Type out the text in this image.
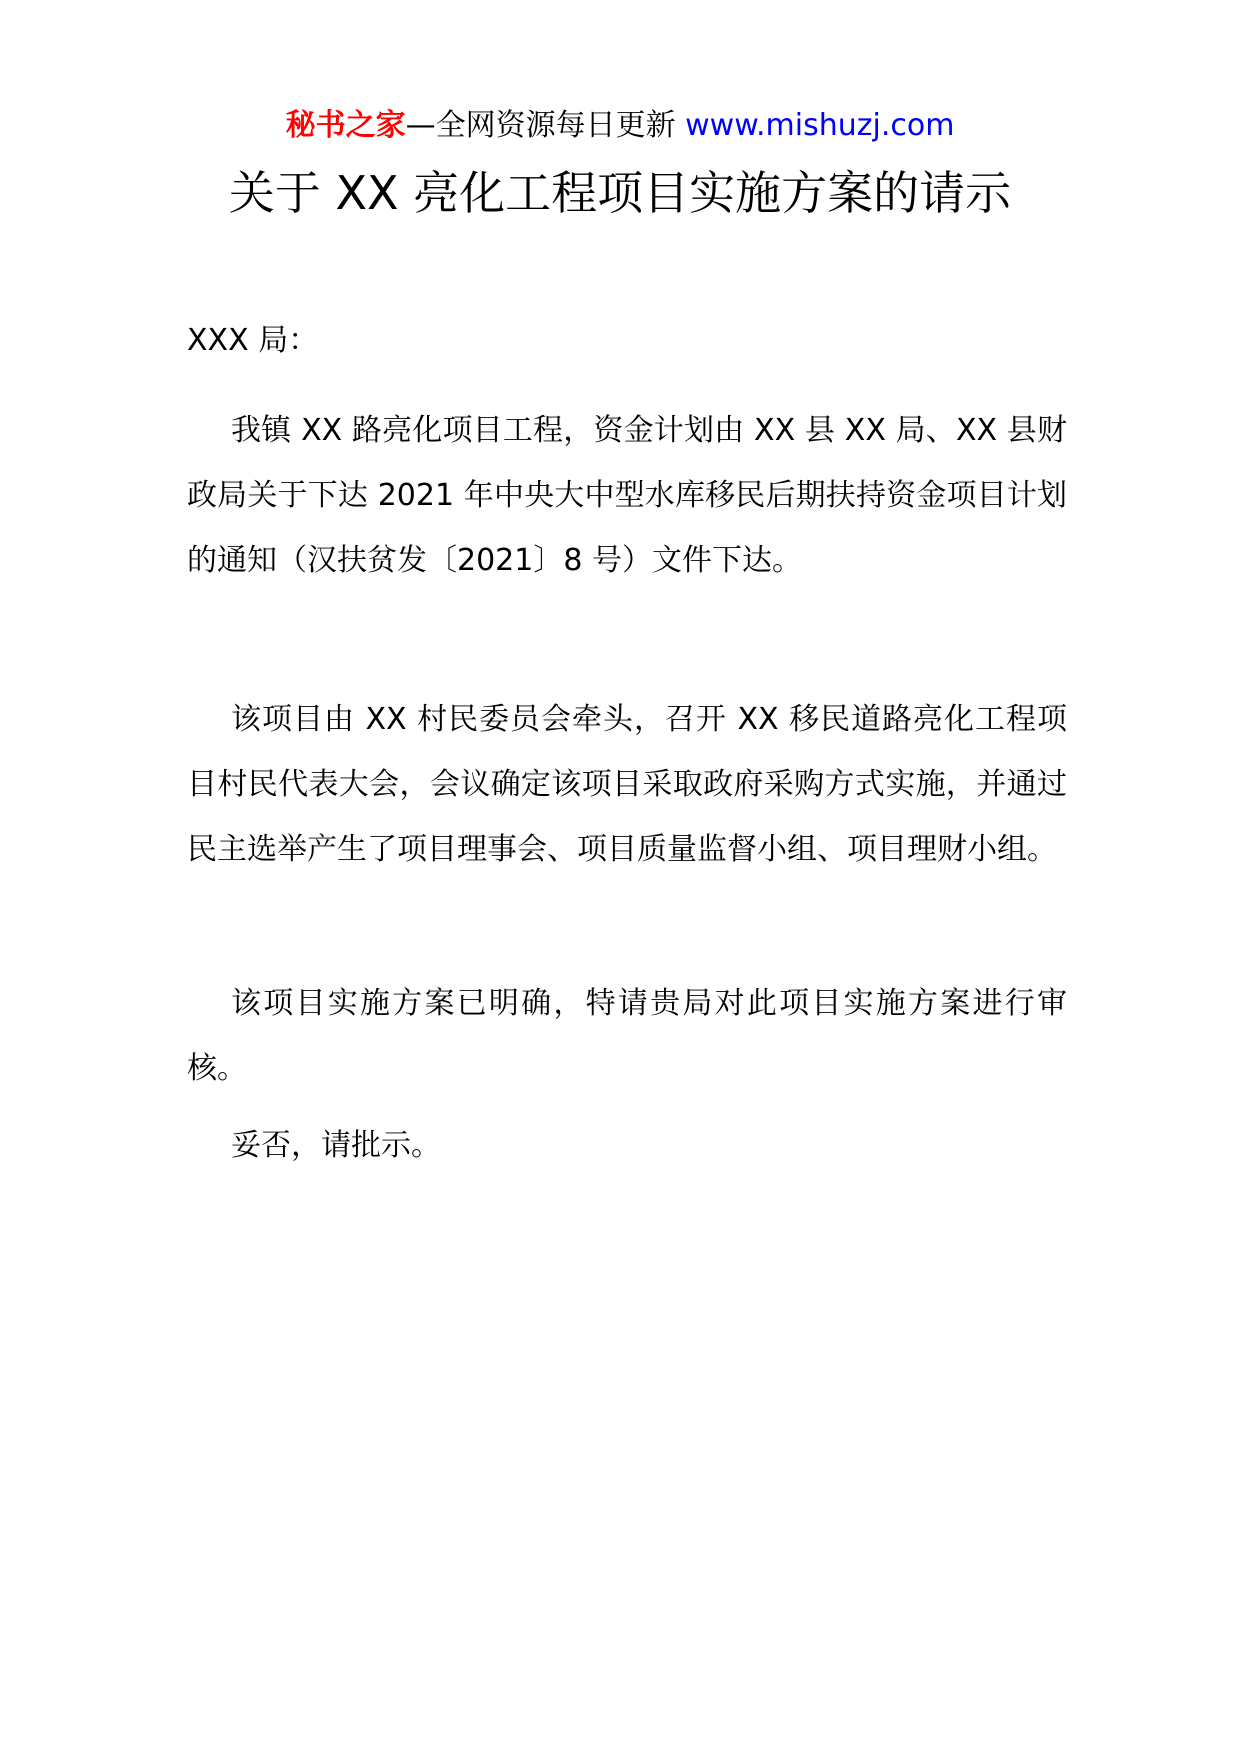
秘书之家—全网资源每日更新 www.mishuzj.com
关于 XX 亮化工程项目实施方案的请示

XXX 局：

我镇 XX 路亮化项目工程，资金计划由 XX 县 XX 局、XX 县财政局关于下达 2021 年中央大中型水库移民后期扶持资金项目计划的通知（汉扶贫发〔2021〕8 号）文件下达。

该项目由 XX 村民委员会牵头，召开 XX 移民道路亮化工程项目村民代表大会，会议确定该项目采取政府采购方式实施，并通过民主选举产生了项目理事会、项目质量监督小组、项目理财小组。

该项目实施方案已明确，特请贵局对此项目实施方案进行审核。

妥否，请批示。
